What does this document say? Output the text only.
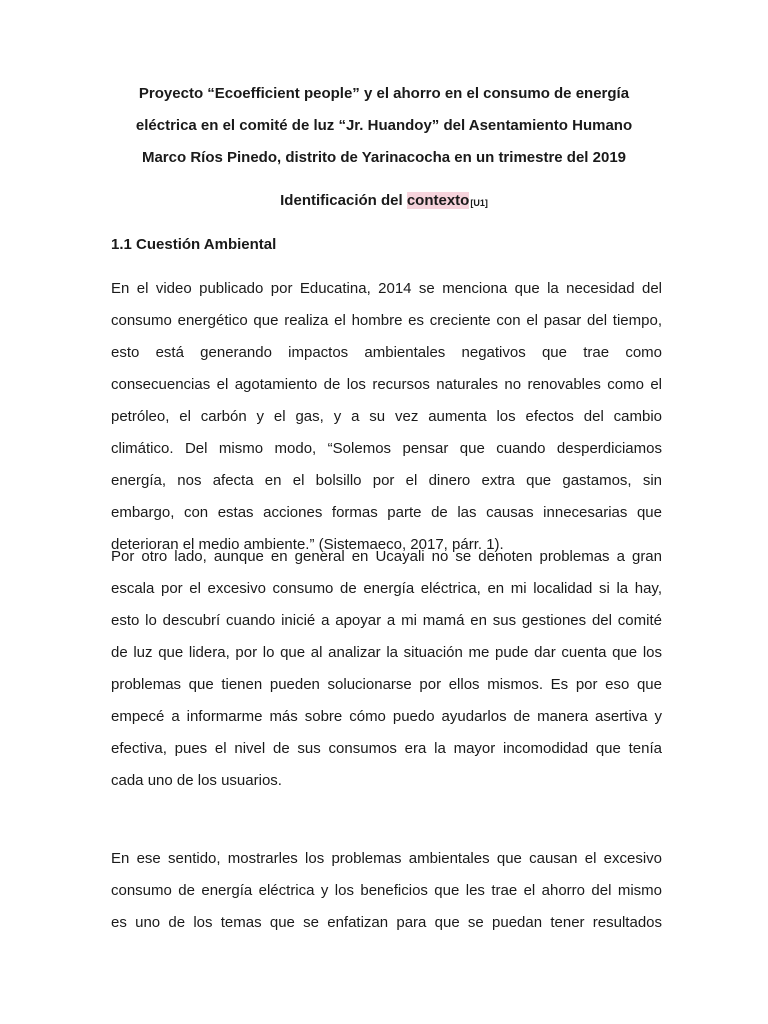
Proyecto “Ecoefficient people” y el ahorro en el consumo de energía

eléctrica en el comité de luz “Jr. Huandoy” del Asentamiento Humano

Marco Ríos Pinedo, distrito de Yarinacocha en un trimestre del 2019

Identificación del contexto[U1]
1.1 Cuestión Ambiental
En el video publicado por Educatina, 2014 se menciona que la necesidad del
consumo energético que realiza el hombre es creciente con el pasar del tiempo,
esto está generando impactos ambientales negativos que trae como
consecuencias el agotamiento de los recursos naturales no renovables como el
petróleo, el carbón y el gas, y a su vez aumenta los efectos del cambio
climático. Del mismo modo, “Solemos pensar que cuando desperdiciamos
energía, nos afecta en el bolsillo por el dinero extra que gastamos, sin
embargo, con estas acciones formas parte de las causas innecesarias que
deterioran el medio ambiente.” (Sistemaeco, 2017, párr. 1).
Por otro lado, aunque en general en Ucayali no se denoten problemas a gran
escala por el excesivo consumo de energía eléctrica, en mi localidad si la hay,
esto lo descubrí cuando inicié a apoyar a mi mamá en sus gestiones del comité
de luz que lidera, por lo que al analizar la situación me pude dar cuenta que los
problemas que tienen pueden solucionarse por ellos mismos. Es por eso que
empecé a informarme más sobre cómo puedo ayudarlos de manera asertiva y
efectiva, pues el nivel de sus consumos era la mayor incomodidad que tenía
cada uno de los usuarios.
En ese sentido, mostrarles los problemas ambientales que causan el excesivo
consumo de energía eléctrica y los beneficios que les trae el ahorro del mismo
es uno de los temas que se enfatizan para que se puedan tener resultados
